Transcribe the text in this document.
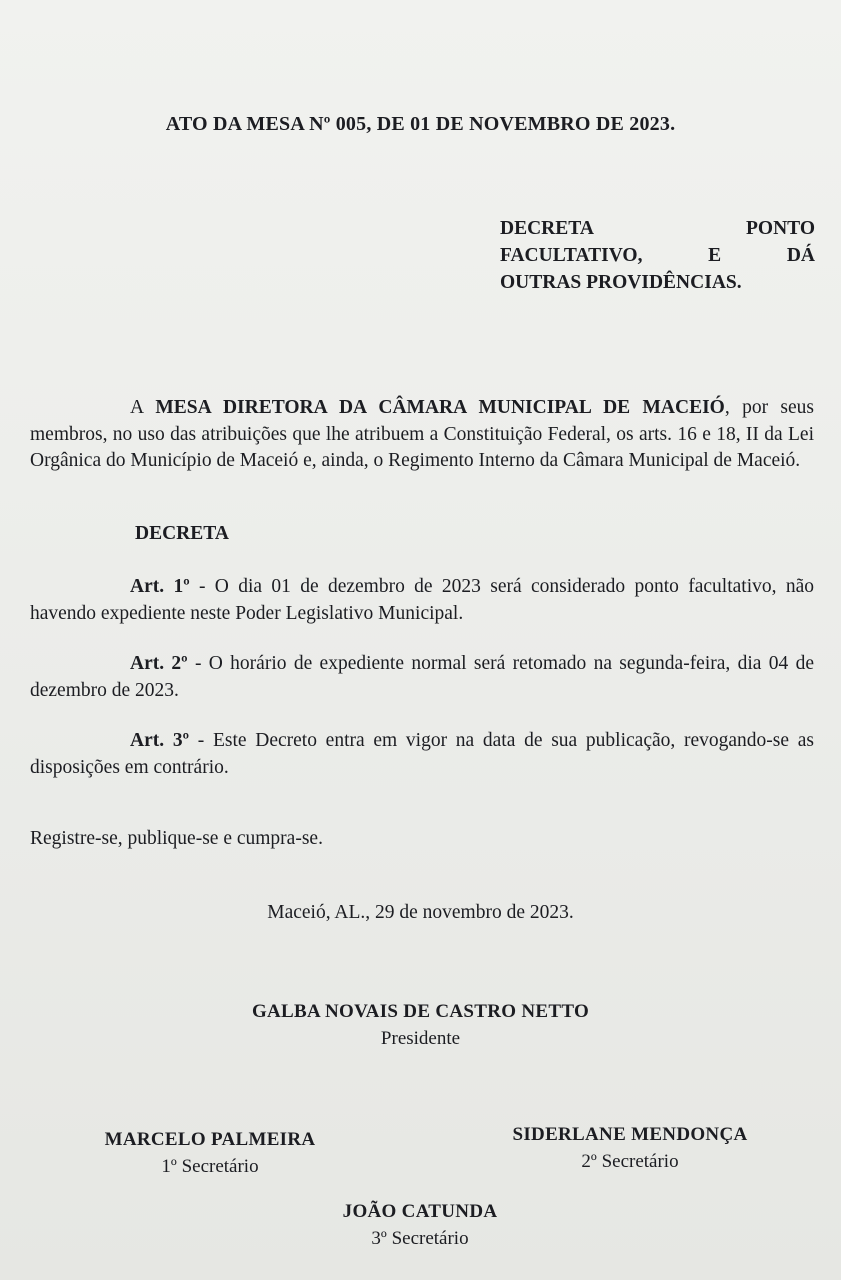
ATO DA MESA Nº 005, DE 01 DE NOVEMBRO DE 2023.
DECRETA	PONTO
FACULTATIVO,	E	DÁ
OUTRAS PROVIDÊNCIAS.
A MESA DIRETORA DA CÂMARA MUNICIPAL DE MACEIÓ, por seus membros, no uso das atribuições que lhe atribuem a Constituição Federal, os arts. 16 e 18, II da Lei Orgânica do Município de Maceió e, ainda, o Regimento Interno da Câmara Municipal de Maceió.
DECRETA
Art. 1º - O dia 01 de dezembro de 2023 será considerado ponto facultativo, não havendo expediente neste Poder Legislativo Municipal.
Art. 2º - O horário de expediente normal será retomado na segunda-feira, dia 04 de dezembro de 2023.
Art. 3º - Este Decreto entra em vigor na data de sua publicação, revogando-se as disposições em contrário.
Registre-se, publique-se e cumpra-se.
Maceió, AL., 29 de novembro de 2023.
GALBA NOVAIS DE CASTRO NETTO
Presidente
MARCELO PALMEIRA
1º Secretário
SIDERLANE MENDONÇA
2º Secretário
JOÃO CATUNDA
3º Secretário
